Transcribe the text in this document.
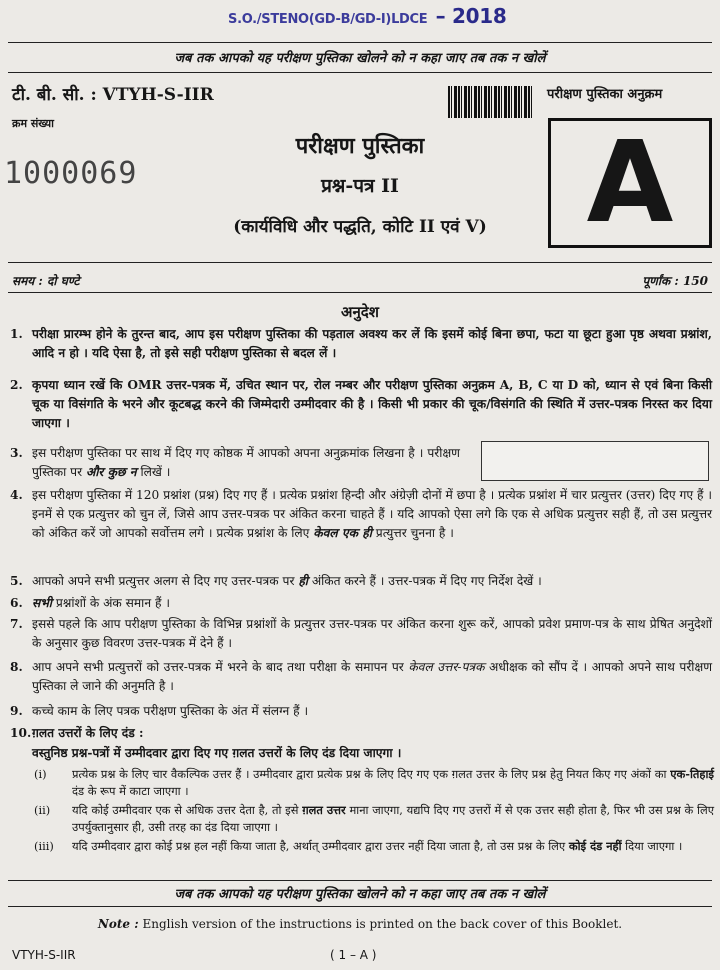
S.O./STENO(GD-B/GD-I)LDCE – 2018
जब तक आपको यह परीक्षण पुस्तिका खोलने को न कहा जाए तब तक न खोलें
टी. बी. सी. : VTYH-S-IIR	परीक्षण पुस्तिका अनुक्रम
क्रम संख्या
1000069
परीक्षण पुस्तिका
प्रश्न-पत्र II
(कार्यविधि और पद्धति, कोटि II एवं V) A
समय : दो घण्टे	पूर्णांक : 150
अनुदेश
1. परीक्षा प्रारम्भ होने के तुरन्त बाद, आप इस परीक्षण पुस्तिका की पड़ताल अवश्य कर लें कि इसमें कोई बिना छपा, फटा या छूटा हुआ पृष्ठ अथवा प्रश्नांश, आदि न हो । यदि ऐसा है, तो इसे सही परीक्षण पुस्तिका से बदल लें ।
2. कृपया ध्यान रखें कि OMR उत्तर-पत्रक में, उचित स्थान पर, रोल नम्बर और परीक्षण पुस्तिका अनुक्रम A, B, C या D को, ध्यान से एवं बिना किसी चूक या विसंगति के भरने और कूटबद्ध करने की जिम्मेदारी उम्मीदवार की है । किसी भी प्रकार की चूक/विसंगति की स्थिति में उत्तर-पत्रक निरस्त कर दिया जाएगा ।
3. इस परीक्षण पुस्तिका पर साथ में दिए गए कोष्ठक में आपको अपना अनुक्रमांक लिखना है । परीक्षण पुस्तिका पर और कुछ न लिखें ।
4. इस परीक्षण पुस्तिका में 120 प्रश्नांश (प्रश्न) दिए गए हैं । प्रत्येक प्रश्नांश हिन्दी और अंग्रेज़ी दोनों में छपा है । प्रत्येक प्रश्नांश में चार प्रत्युत्तर (उत्तर) दिए गए हैं । इनमें से एक प्रत्युत्तर को चुन लें, जिसे आप उत्तर-पत्रक पर अंकित करना चाहते हैं । यदि आपको ऐसा लगे कि एक से अधिक प्रत्युत्तर सही हैं, तो उस प्रत्युत्तर को अंकित करें जो आपको सर्वोत्तम लगे । प्रत्येक प्रश्नांश के लिए केवल एक ही प्रत्युत्तर चुनना है ।
5. आपको अपने सभी प्रत्युत्तर अलग से दिए गए उत्तर-पत्रक पर ही अंकित करने हैं । उत्तर-पत्रक में दिए गए निर्देश देखें ।
6. सभी प्रश्नांशों के अंक समान हैं ।
7. इससे पहले कि आप परीक्षण पुस्तिका के विभिन्न प्रश्नांशों के प्रत्युत्तर उत्तर-पत्रक पर अंकित करना शुरू करें, आपको प्रवेश प्रमाण-पत्र के साथ प्रेषित अनुदेशों के अनुसार कुछ विवरण उत्तर-पत्रक में देने हैं ।
8. आप अपने सभी प्रत्युत्तरों को उत्तर-पत्रक में भरने के बाद तथा परीक्षा के समापन पर केवल उत्तर-पत्रक अधीक्षक को सौंप दें । आपको अपने साथ परीक्षण पुस्तिका ले जाने की अनुमति है ।
9. कच्चे काम के लिए पत्रक परीक्षण पुस्तिका के अंत में संलग्न हैं ।
10. ग़लत उत्तरों के लिए दंड :
वस्तुनिष्ठ प्रश्न-पत्रों में उम्मीदवार द्वारा दिए गए ग़लत उत्तरों के लिए दंड दिया जाएगा ।
(i) प्रत्येक प्रश्न के लिए चार वैकल्पिक उत्तर हैं । उम्मीदवार द्वारा प्रत्येक प्रश्न के लिए दिए गए एक ग़लत उत्तर के लिए प्रश्न हेतु नियत किए गए अंकों का एक-तिहाई दंड के रूप में काटा जाएगा ।
(ii) यदि कोई उम्मीदवार एक से अधिक उत्तर देता है, तो इसे ग़लत उत्तर माना जाएगा, यद्यपि दिए गए उत्तरों में से एक उत्तर सही होता है, फिर भी उस प्रश्न के लिए उपर्युक्तानुसार ही, उसी तरह का दंड दिया जाएगा ।
(iii) यदि उम्मीदवार द्वारा कोई प्रश्न हल नहीं किया जाता है, अर्थात् उम्मीदवार द्वारा उत्तर नहीं दिया जाता है, तो उस प्रश्न के लिए कोई दंड नहीं दिया जाएगा ।
जब तक आपको यह परीक्षण पुस्तिका खोलने को न कहा जाए तब तक न खोलें
Note : English version of the instructions is printed on the back cover of this Booklet.
VTYH-S-IIR	( 1 – A )
